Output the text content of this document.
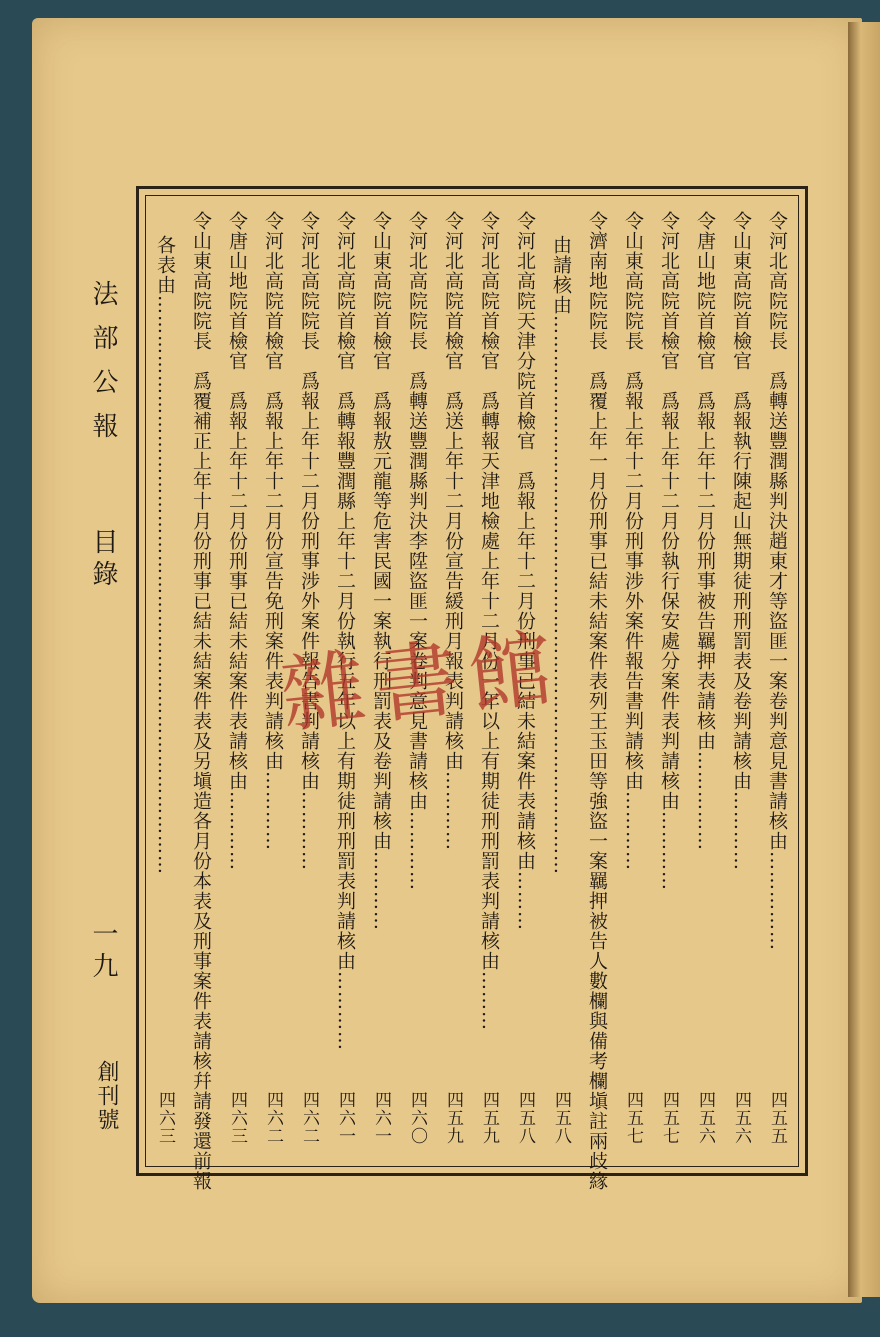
法部公報
目錄
一九
創刊號
令河北高院院長　爲轉送豐潤縣判決趙東才等盜匪一案卷判意見書請核由……………
四五五
令山東高院首檢官　爲報執行陳起山無期徒刑刑罰表及卷判請核由…………
四五六
令唐山地院首檢官　爲報上年十二月份刑事被告羈押表請核由……………
四五六
令河北高院首檢官　爲報上年十二月份執行保安處分案件表判請核由…………
四五七
令山東高院院長　爲報上年十二月份刑事涉外案件報告書判請核由…………
四五七
令濟南地院院長　爲覆上年一月份刑事已結未結案件表列王玉田等強盜一案羈押被告人數欄與備考欄塡註兩歧緣
由請核由…………………………………………………………………………
四五八
令河北高院天津分院首檢官　爲報上年十二月份刑事已結未結案件表請核由………
四五八
令河北高院首檢官　爲轉報天津地檢處上年十二月份一年以上有期徒刑刑罰表判請核由………
四五九
令河北高院首檢官　爲送上年十二月份宣告緩刑月報表判請核由…………
四五九
令河北高院院長　爲轉送豐潤縣判決李陞盜匪一案卷判意見書請核由…………
四六〇
令山東高院首檢官　爲報敖元龍等危害民國一案執行刑罰表及卷判請核由…………
四六一
令河北高院首檢官　爲轉報豐潤縣上年十二月份執行五年以上有期徒刑刑罰表判請核由…………
四六一
令河北高院院長　爲報上年十二月份刑事涉外案件報告書判請核由…………
四六二
令河北高院首檢官　爲報上年十二月份宣告免刑案件表判請核由…………
四六二
令唐山地院首檢官　爲報上年十二月份刑事已結未結案件表請核由…………
四六三
令山東高院院長　爲覆補正上年十月份刑事已結未結案件表及另塡造各月份本表及刑事案件表請核幷請發還前報
各表由……………………………………………………………………………
四六三
雜書館
